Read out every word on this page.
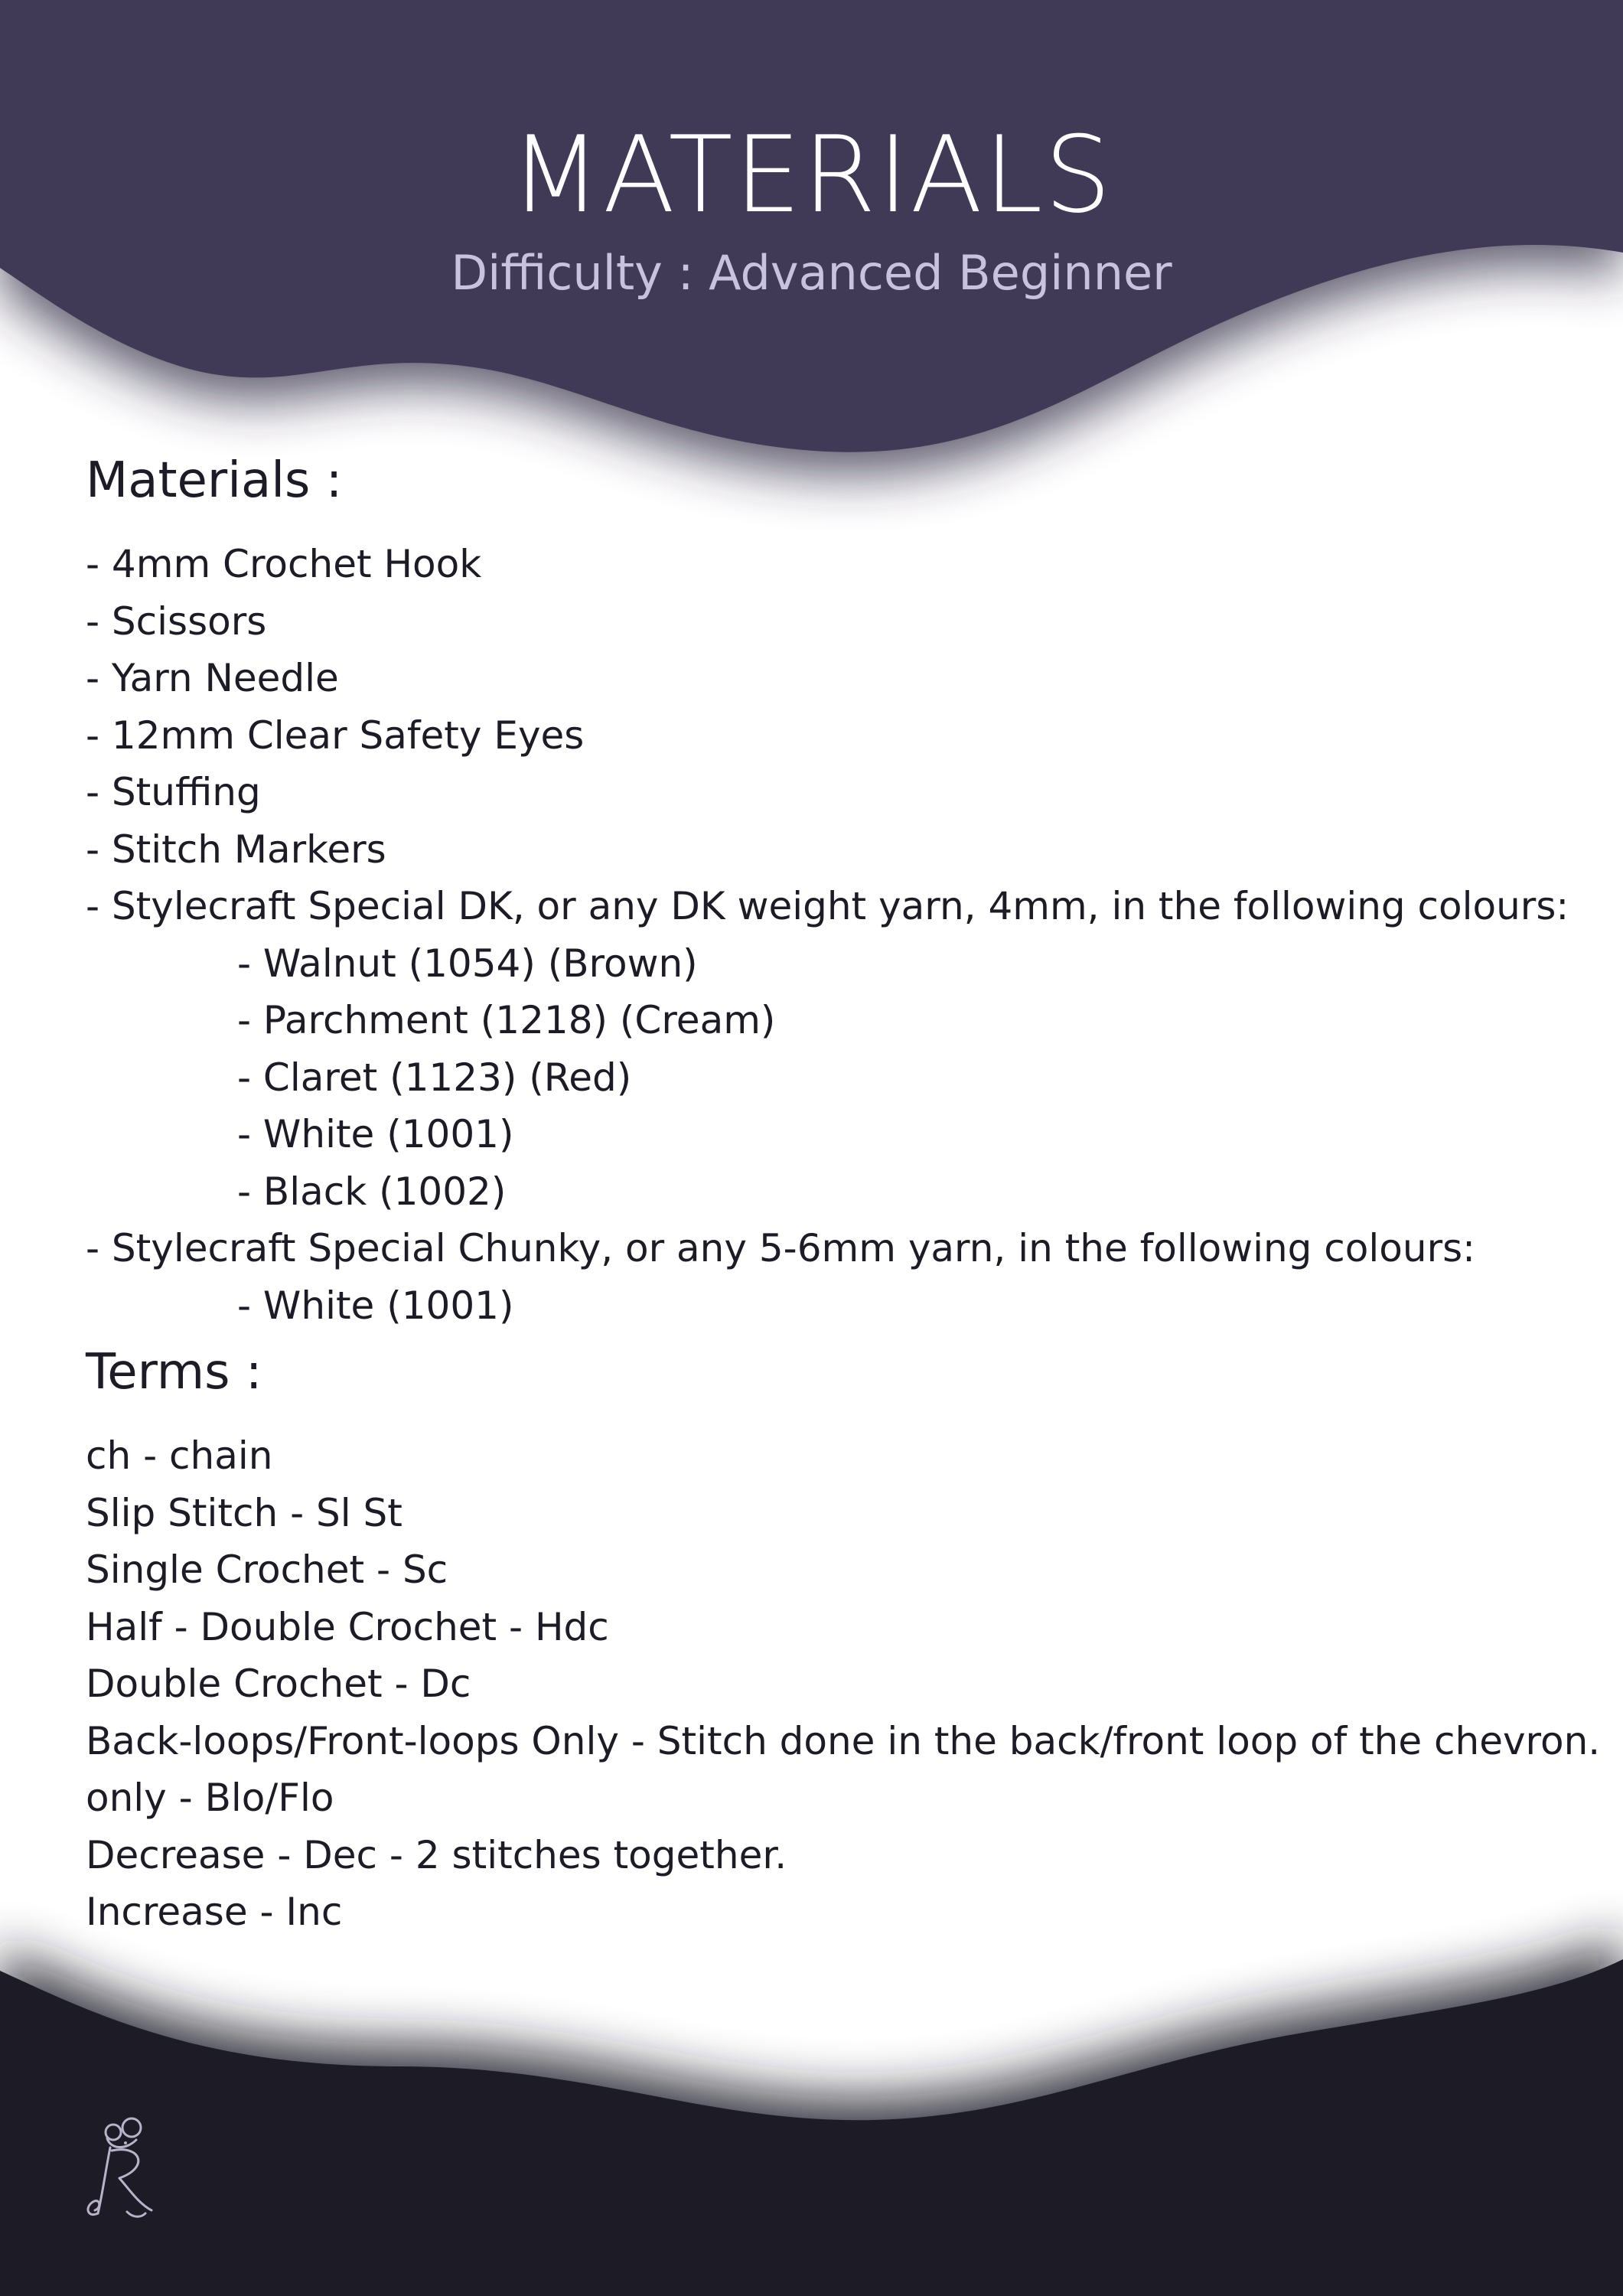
MATERIALS
Difficulty : Advanced Beginner
Materials :
- 4mm Crochet Hook
- Scissors
- Yarn Needle
- 12mm Clear Safety Eyes
- Stuffing
- Stitch Markers
- Stylecraft Special DK, or any DK weight yarn, 4mm, in the following colours:
- Walnut (1054) (Brown)
- Parchment (1218) (Cream)
- Claret (1123) (Red)
- White (1001)
- Black (1002)
- Stylecraft Special Chunky, or any 5-6mm yarn, in the following colours:
- White (1001)
Terms :
ch - chain
Slip Stitch - Sl St
Single Crochet - Sc
Half - Double Crochet - Hdc
Double Crochet - Dc
Back-loops/Front-loops Only - Stitch done in the back/front loop of the chevron.
only - Blo/Flo
Decrease - Dec - 2 stitches together.
Increase - Inc
